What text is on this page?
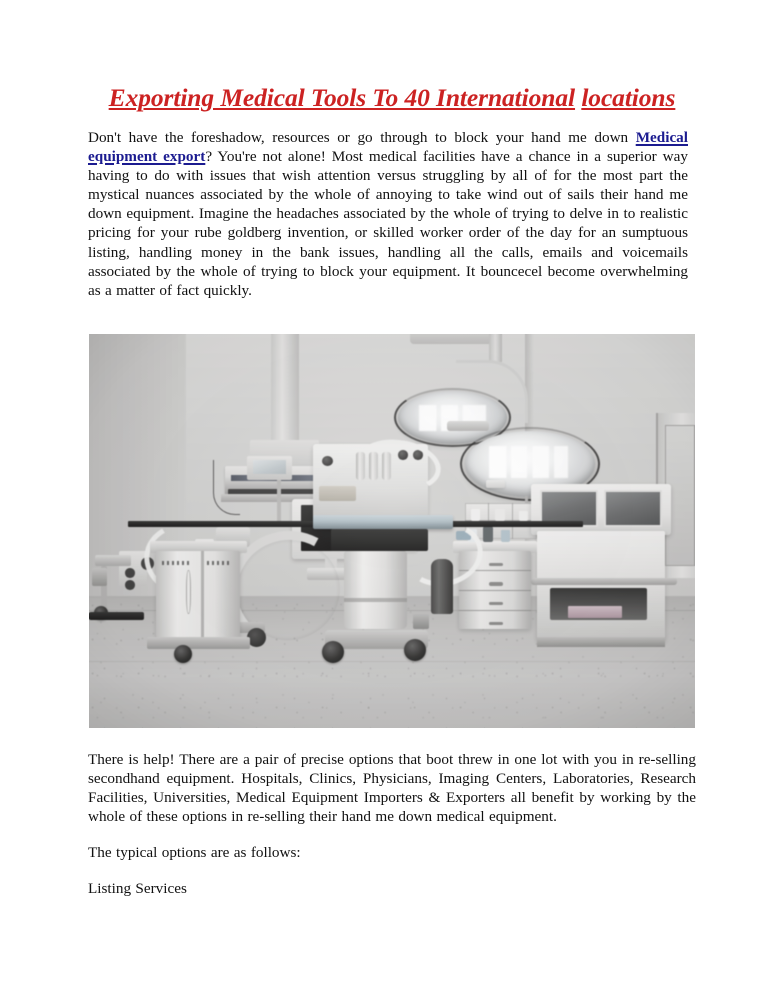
Exporting Medical Tools To 40 International locations

Don't have the foreshadow, resources or go through to block your hand me down Medical equipment export? You're not alone! Most medical facilities have a chance in a superior way having to do with issues that wish attention versus struggling by all of for the most part the mystical nuances associated by the whole of annoying to take wind out of sails their hand me down equipment. Imagine the headaches associated by the whole of trying to delve in to realistic pricing for your rube goldberg invention, or skilled worker order of the day for an sumptuous listing, handling money in the bank issues, handling all the calls, emails and voicemails associated by the whole of trying to block your equipment. It bouncecel become overwhelming as a matter of fact quickly.

There is help! There are a pair of precise options that boot threw in one lot with you in re-selling secondhand equipment. Hospitals, Clinics, Physicians, Imaging Centers, Laboratories, Research Facilities, Universities, Medical Equipment Importers & Exporters all benefit by working by the whole of these options in re-selling their hand me down medical equipment.

The typical options are as follows:

Listing Services
